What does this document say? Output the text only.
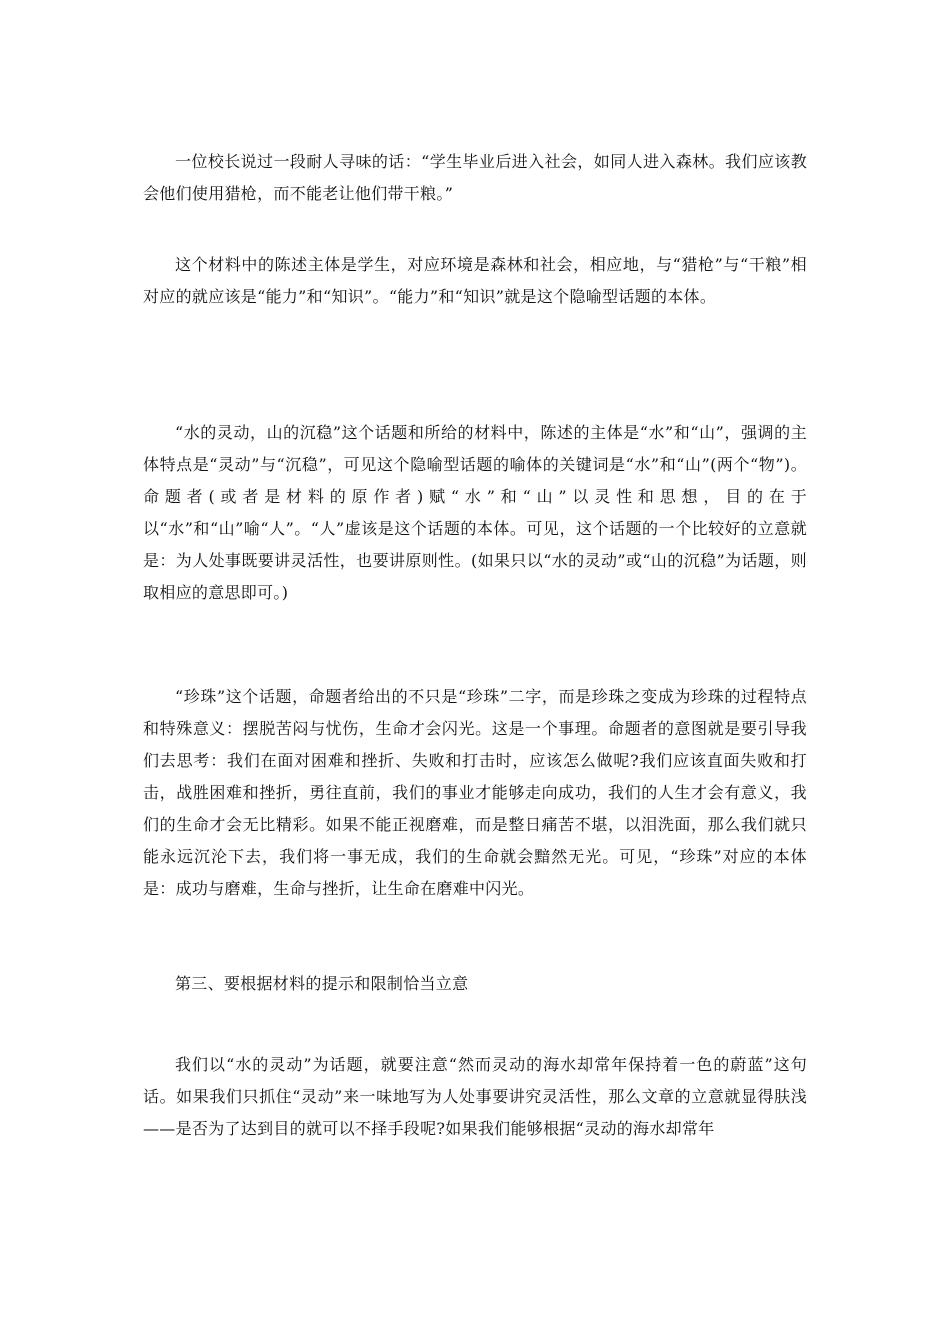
一位校长说过一段耐人寻味的话：“学生毕业后进入社会，如同人进入森林。我们应该教会他们使用猎枪，而不能老让他们带干粮。”

这个材料中的陈述主体是学生，对应环境是森林和社会，相应地，与“猎枪”与“干粮”相对应的就应该是“能力”和“知识”。“能力”和“知识”就是这个隐喻型话题的本体。

“水的灵动，山的沉稳”这个话题和所给的材料中，陈述的主体是“水”和“山”，强调的主体特点是“灵动”与“沉稳”，可见这个隐喻型话题的喻体的关键词是“水”和“山”(两个“物”)。命题者(或者是材料的原作者)赋“水”和“山”以灵性和思想，目的在于以“水”和“山”喻“人”。“人”虚该是这个话题的本体。可见，这个话题的一个比较好的立意就是：为人处事既要讲灵活性，也要讲原则性。(如果只以“水的灵动”或“山的沉稳”为话题，则取相应的意思即可。)

“珍珠”这个话题，命题者给出的不只是“珍珠”二字，而是珍珠之变成为珍珠的过程特点和特殊意义：摆脱苦闷与忧伤，生命才会闪光。这是一个事理。命题者的意图就是要引导我们去思考：我们在面对困难和挫折、失败和打击时，应该怎么做呢?我们应该直面失败和打击，战胜困难和挫折，勇往直前，我们的事业才能够走向成功，我们的人生才会有意义，我们的生命才会无比精彩。如果不能正视磨难，而是整日痛苦不堪，以泪洗面，那么我们就只能永远沉沦下去，我们将一事无成，我们的生命就会黯然无光。可见，“珍珠”对应的本体是：成功与磨难，生命与挫折，让生命在磨难中闪光。

第三、要根据材料的提示和限制恰当立意

我们以“水的灵动”为话题，就要注意“然而灵动的海水却常年保持着一色的蔚蓝”这句话。如果我们只抓住“灵动”来一味地写为人处事要讲究灵活性，那么文章的立意就显得肤浅——是否为了达到目的就可以不择手段呢?如果我们能够根据“灵动的海水却常年
